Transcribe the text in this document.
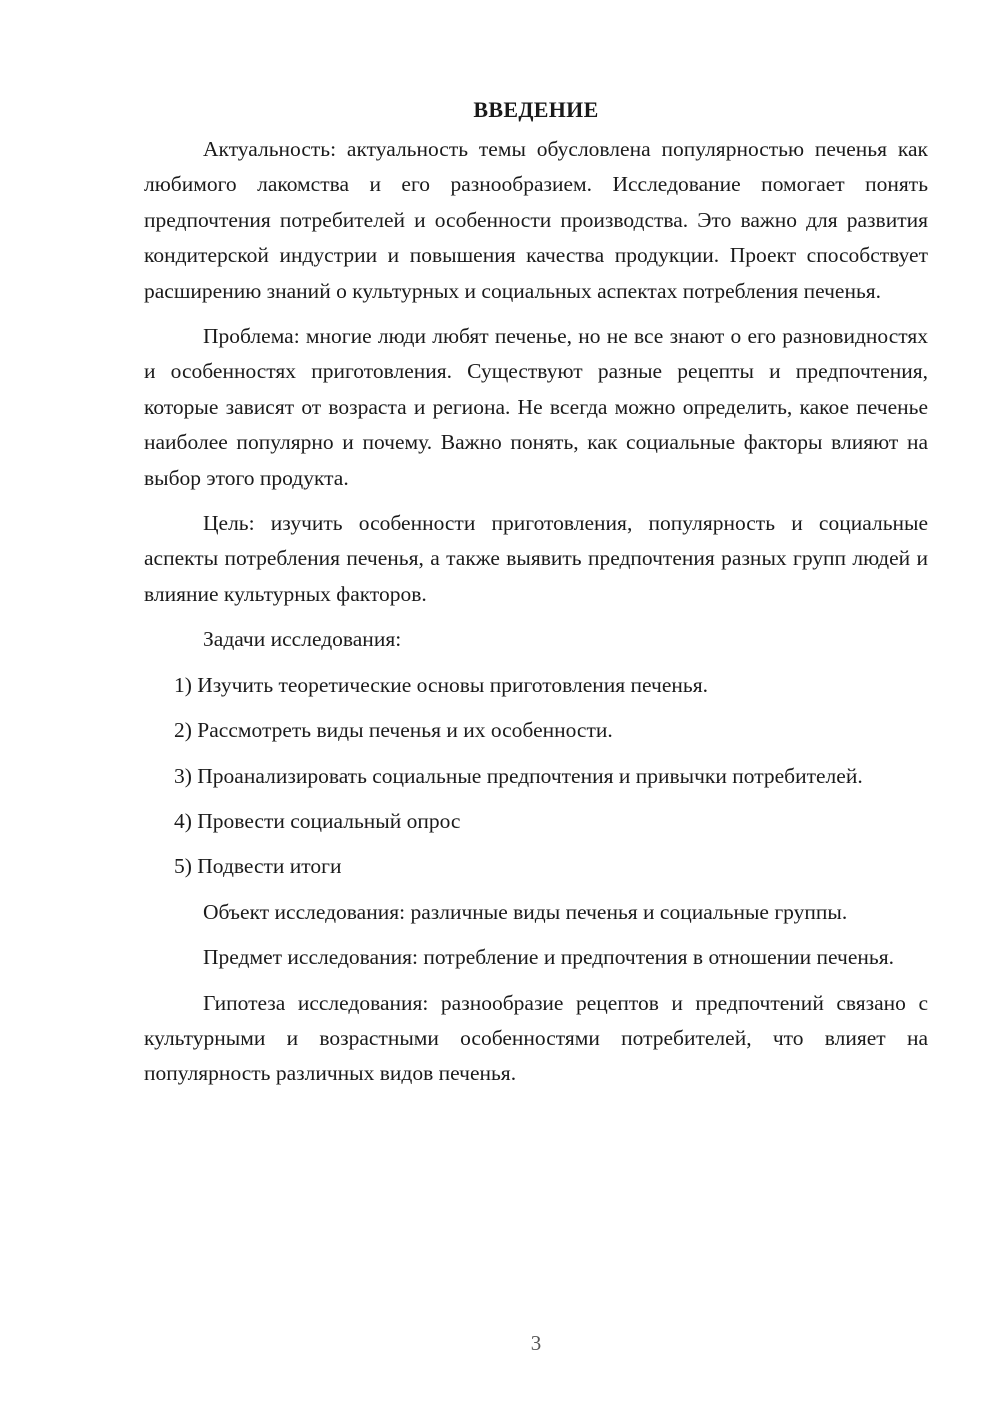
ВВЕДЕНИЕ

Актуальность: актуальность темы обусловлена популярностью печенья как любимого лакомства и его разнообразием. Исследование помогает понять предпочтения потребителей и особенности производства. Это важно для развития кондитерской индустрии и повышения качества продукции. Проект способствует расширению знаний о культурных и социальных аспектах потребления печенья.

Проблема: многие люди любят печенье, но не все знают о его разновидностях и особенностях приготовления. Существуют разные рецепты и предпочтения, которые зависят от возраста и региона. Не всегда можно определить, какое печенье наиболее популярно и почему. Важно понять, как социальные факторы влияют на выбор этого продукта.

Цель: изучить особенности приготовления, популярность и социальные аспекты потребления печенья, а также выявить предпочтения разных групп людей и влияние культурных факторов.

Задачи исследования:

1) Изучить теоретические основы приготовления печенья.

2) Рассмотреть виды печенья и их особенности.

3) Проанализировать социальные предпочтения и привычки потребителей.

4) Провести социальный опрос

5) Подвести итоги

Объект исследования: различные виды печенья и социальные группы.

Предмет исследования: потребление и предпочтения в отношении печенья.

Гипотеза исследования: разнообразие рецептов и предпочтений связано с культурными и возрастными особенностями потребителей, что влияет на популярность различных видов печенья.

3
